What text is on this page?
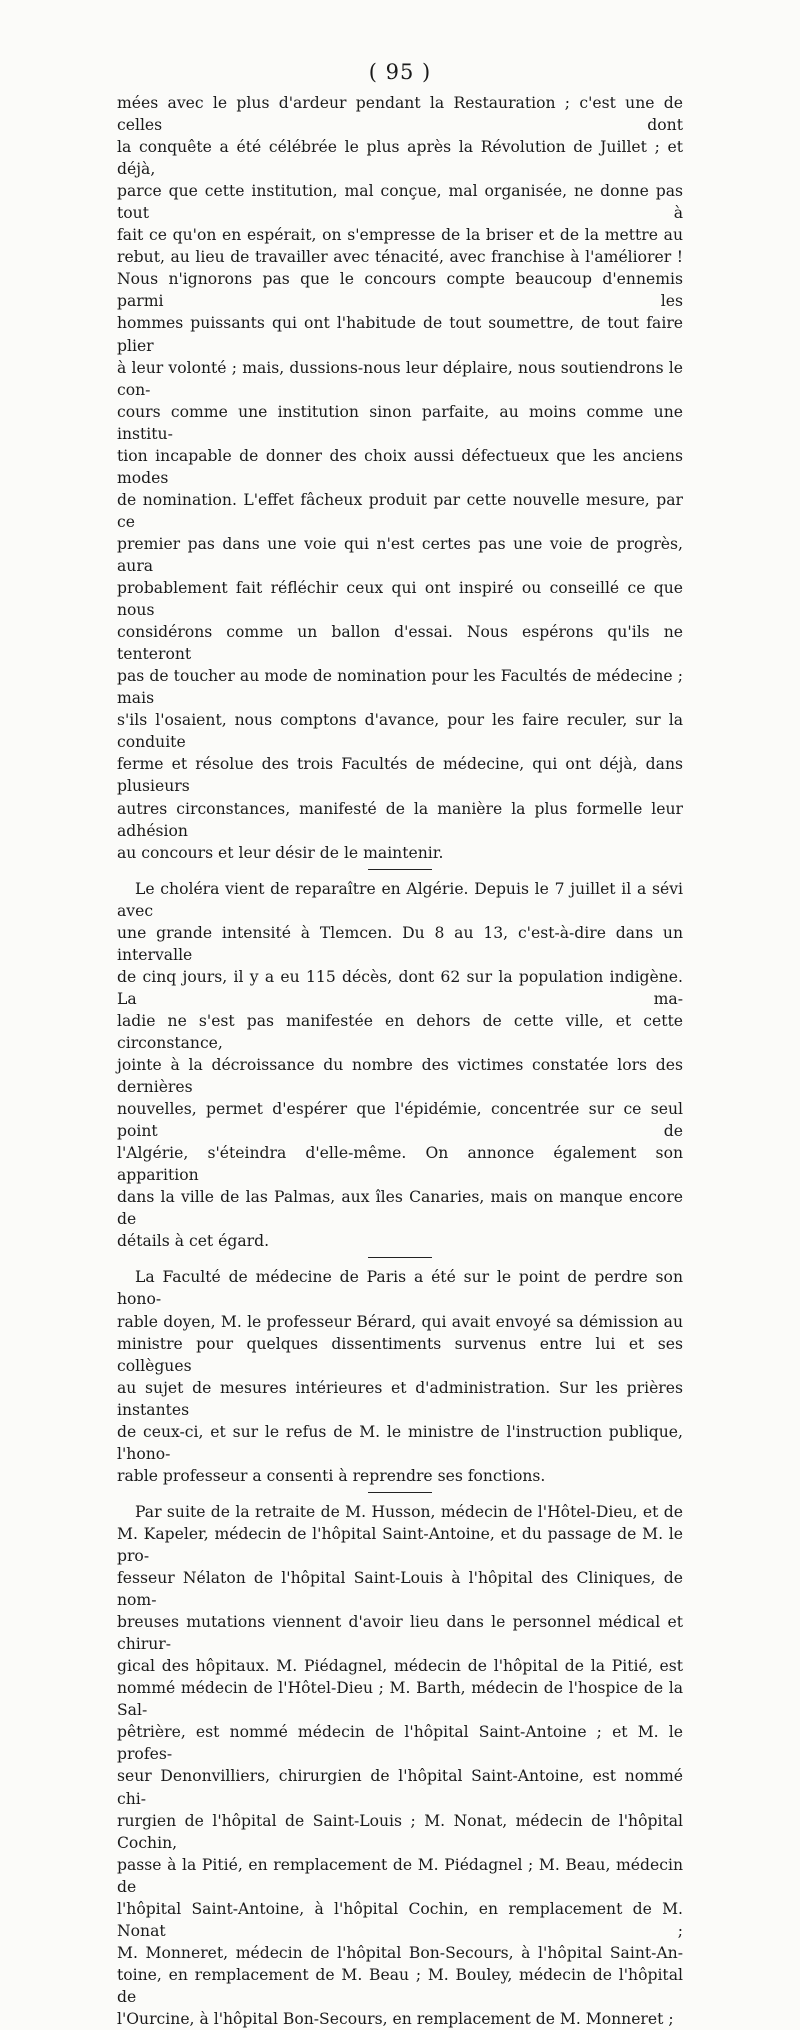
( 95 )

mées avec le plus d'ardeur pendant la Restauration ; c'est une de celles dont

la conquête a été célébrée le plus après la Révolution de Juillet ; et déjà,

parce que cette institution, mal conçue, mal organisée, ne donne pas tout à

fait ce qu'on en espérait, on s'empresse de la briser et de la mettre au

rebut, au lieu de travailler avec ténacité, avec franchise à l'améliorer !

Nous n'ignorons pas que le concours compte beaucoup d'ennemis parmi les

hommes puissants qui ont l'habitude de tout soumettre, de tout faire plier

à leur volonté ; mais, dussions-nous leur déplaire, nous soutiendrons le con-

cours comme une institution sinon parfaite, au moins comme une institu-

tion incapable de donner des choix aussi défectueux que les anciens modes

de nomination. L'effet fâcheux produit par cette nouvelle mesure, par ce

premier pas dans une voie qui n'est certes pas une voie de progrès, aura

probablement fait réfléchir ceux qui ont inspiré ou conseillé ce que nous

considérons comme un ballon d'essai. Nous espérons qu'ils ne tenteront

pas de toucher au mode de nomination pour les Facultés de médecine ; mais

s'ils l'osaient, nous comptons d'avance, pour les faire reculer, sur la conduite

ferme et résolue des trois Facultés de médecine, qui ont déjà, dans plusieurs

autres circonstances, manifesté de la manière la plus formelle leur adhésion

au concours et leur désir de le maintenir.

Le choléra vient de reparaître en Algérie. Depuis le 7 juillet il a sévi avec

une grande intensité à Tlemcen. Du 8 au 13, c'est-à-dire dans un intervalle

de cinq jours, il y a eu 115 décès, dont 62 sur la population indigène. La ma-

ladie ne s'est pas manifestée en dehors de cette ville, et cette circonstance,

jointe à la décroissance du nombre des victimes constatée lors des dernières

nouvelles, permet d'espérer que l'épidémie, concentrée sur ce seul point de

l'Algérie, s'éteindra d'elle-même. On annonce également son apparition

dans la ville de las Palmas, aux îles Canaries, mais on manque encore de

détails à cet égard.

La Faculté de médecine de Paris a été sur le point de perdre son hono-

rable doyen, M. le professeur Bérard, qui avait envoyé sa démission au

ministre pour quelques dissentiments survenus entre lui et ses collègues

au sujet de mesures intérieures et d'administration. Sur les prières instantes

de ceux-ci, et sur le refus de M. le ministre de l'instruction publique, l'hono-

rable professeur a consenti à reprendre ses fonctions.

Par suite de la retraite de M. Husson, médecin de l'Hôtel-Dieu, et de

M. Kapeler, médecin de l'hôpital Saint-Antoine, et du passage de M. le pro-

fesseur Nélaton de l'hôpital Saint-Louis à l'hôpital des Cliniques, de nom-

breuses mutations viennent d'avoir lieu dans le personnel médical et chirur-

gical des hôpitaux. M. Piédagnel, médecin de l'hôpital de la Pitié, est

nommé médecin de l'Hôtel-Dieu ; M. Barth, médecin de l'hospice de la Sal-

pêtrière, est nommé médecin de l'hôpital Saint-Antoine ; et M. le profes-

seur Denonvilliers, chirurgien de l'hôpital Saint-Antoine, est nommé chi-

rurgien de l'hôpital de Saint-Louis ; M. Nonat, médecin de l'hôpital Cochin,

passe à la Pitié, en remplacement de M. Piédagnel ; M. Beau, médecin de

l'hôpital Saint-Antoine, à l'hôpital Cochin, en remplacement de M. Nonat ;

M. Monneret, médecin de l'hôpital Bon-Secours, à l'hôpital Saint-An-

toine, en remplacement de M. Beau ; M. Bouley, médecin de l'hôpital de

l'Ourcine, à l'hôpital Bon-Secours, en remplacement de M. Monneret ;
